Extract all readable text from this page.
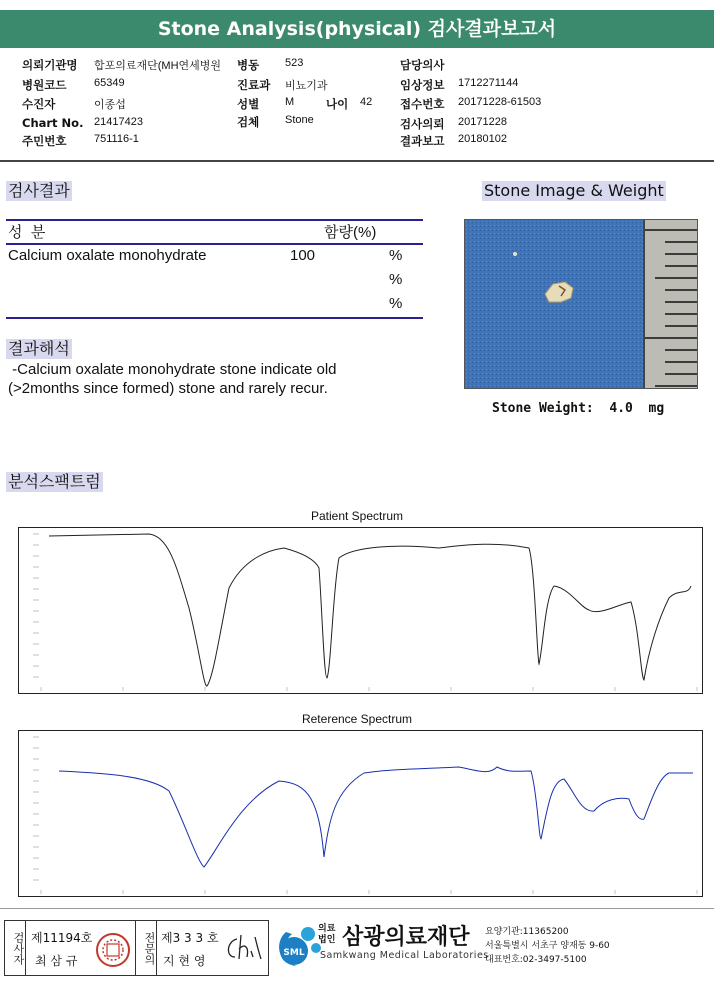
Stone Analysis(physical) 검사결과보고서
의뢰기관명 합포의료재단(MH연세병원 병동 523	담당의사
병원코드	65349	진료과 비뇨기과	임상정보 1712271144
수진자	이종섭	성별 M	나이 42 접수번호 20171228-61503
Chart No. 21417423	검체 Stone	검사의뢰 20171228
주민번호	751116-1	결과보고 20180102
검사결과
성  분	함량(%)
Calcium oxalate monohydrate	100	%
%
%
결과해석
-Calcium oxalate monohydrate stone indicate old
(>2months since formed) stone and rarely recur.
Stone Image & Weight
Stone Weight:  4.0  mg
분석스팩트럼
Patient Spectrum
Reterence Spectrum
검사자 제11194호
최 삼 규	전문의 제3 3 3 호
지 현 영
SML
의료법인 삼광의료재단
Samkwang Medical Laboratories
요양기관:11365200
서울특별시 서초구 양재동 9-60
대표번호:02-3497-5100
